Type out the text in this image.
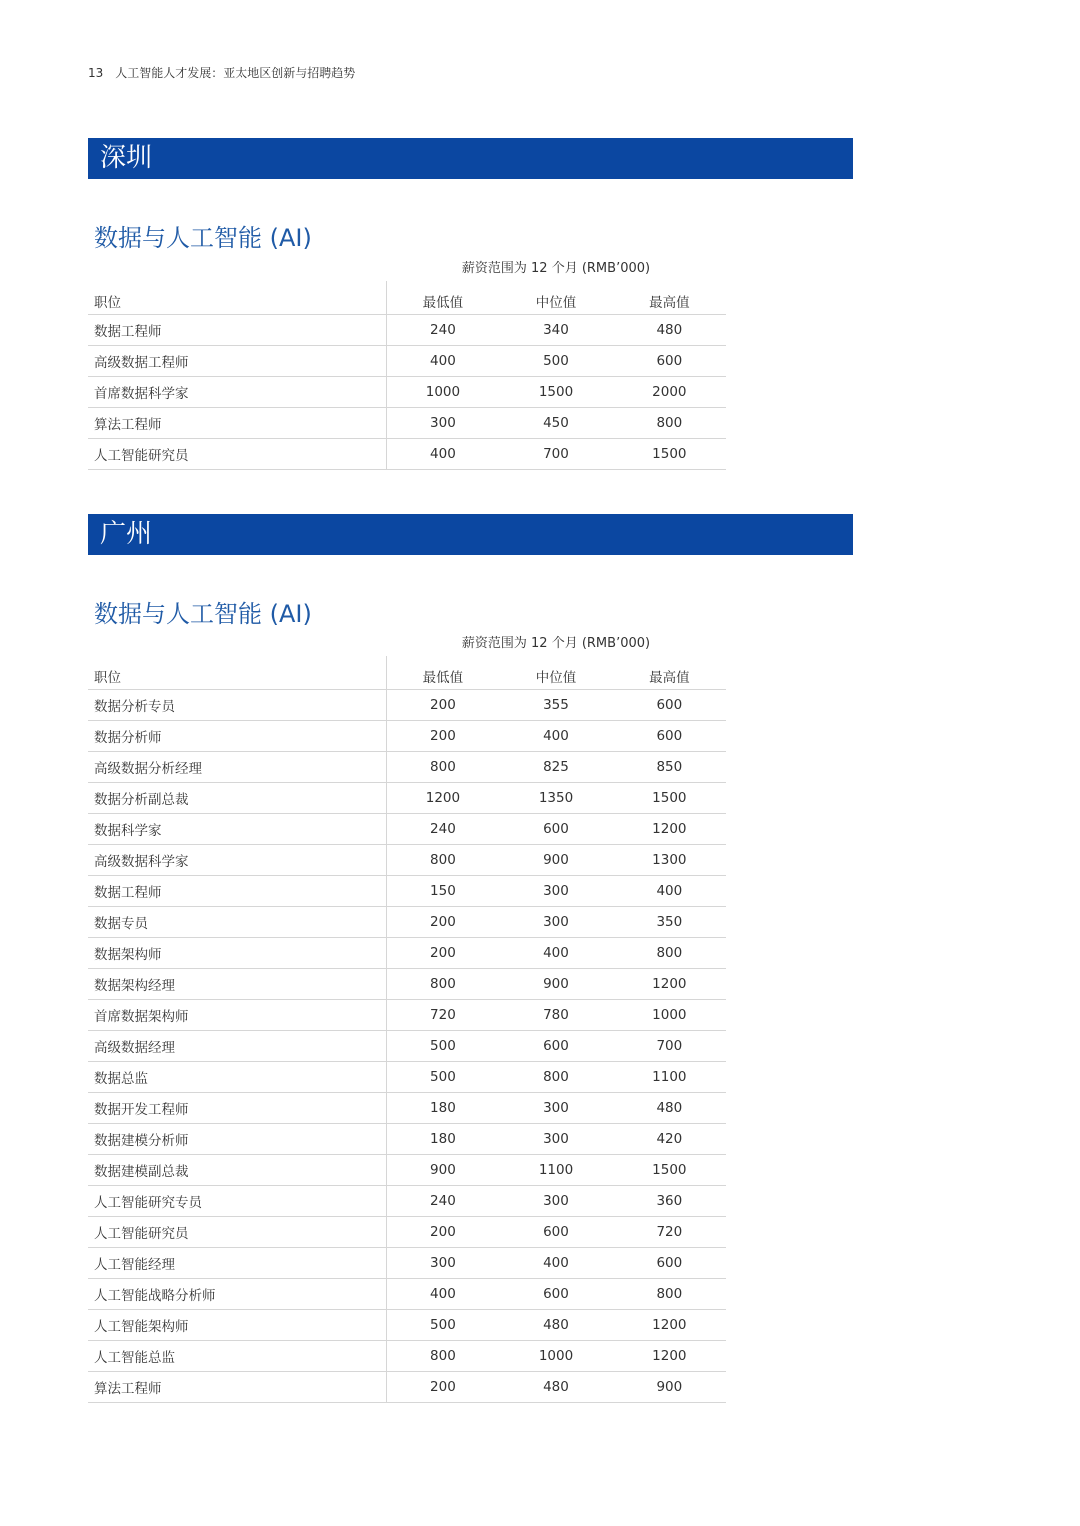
13 人工智能人才发展：亚太地区创新与招聘趋势
深圳
数据与人工智能 (AI)
薪资范围为 12 个月 (RMB’000)
职位	最低值	中位值	最高值
数据工程师	240	340	480
高级数据工程师	400	500	600
首席数据科学家	1000	1500	2000
算法工程师	300	450	800
人工智能研究员	400	700	1500
广州
数据与人工智能 (AI)
薪资范围为 12 个月 (RMB’000)
职位	最低值	中位值	最高值
数据分析专员	200	355	600
数据分析师	200	400	600
高级数据分析经理	800	825	850
数据分析副总裁	1200	1350	1500
数据科学家	240	600	1200
高级数据科学家	800	900	1300
数据工程师	150	300	400
数据专员	200	300	350
数据架构师	200	400	800
数据架构经理	800	900	1200
首席数据架构师	720	780	1000
高级数据经理	500	600	700
数据总监	500	800	1100
数据开发工程师	180	300	480
数据建模分析师	180	300	420
数据建模副总裁	900	1100	1500
人工智能研究专员	240	300	360
人工智能研究员	200	600	720
人工智能经理	300	400	600
人工智能战略分析师	400	600	800
人工智能架构师	500	480	1200
人工智能总监	800	1000	1200
算法工程师	200	480	900
